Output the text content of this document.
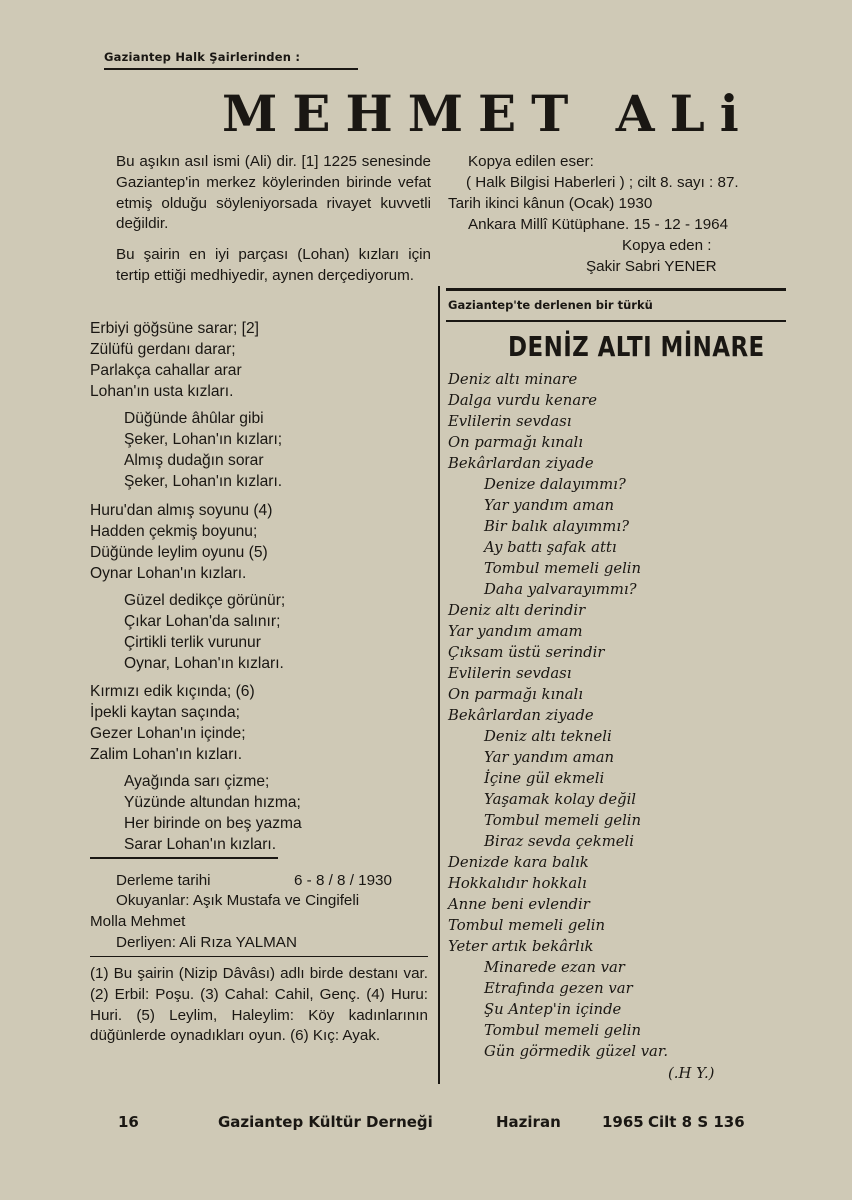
Gaziantep Halk Şairlerinden :
MEHMET ALi

Bu aşıkın asıl ismi (Ali) dir. [1] 1225 senesinde Gaziantep'in merkez köylerinden birinde vefat etmiş olduğu söyleniyorsada rivayet kuvvetli değildir.

Bu şairin en iyi parçası (Lohan) kızları için tertip ettiği medhiyedir, aynen derçediyorum.

Erbiyi göğsüne sarar; [2]
Zülüfü gerdanı darar;
Parlakça cahallar arar
Lohan'ın usta kızları.
Düğünde âhûlar gibi
Şeker, Lohan'ın kızları;
Almış dudağın sorar
Şeker, Lohan'ın kızları.
Huru'dan almış soyunu (4)
Hadden çekmiş boyunu;
Düğünde leylim oyunu (5)
Oynar Lohan'ın kızları.
Güzel dedikçe görünür;
Çıkar Lohan'da salınır;
Çirtikli terlik vurunur
Oynar, Lohan'ın kızları.
Kırmızı edik kıçında; (6)
İpekli kaytan saçında;
Gezer Lohan'ın içinde;
Zalim Lohan'ın kızları.
Ayağında sarı çizme;
Yüzünde altundan hızma;
Her birinde on beş yazma
Sarar Lohan'ın kızları.
Derleme tarihi	6 - 8 / 8 / 1930
Okuyanlar: Aşık Mustafa ve Cingifeli
Molla Mehmet
Derliyen: Ali Rıza YALMAN
(1) Bu şairin (Nizip Dâvâsı) adlı birde destanı var. (2) Erbil: Poşu. (3) Cahal: Cahil, Genç. (4) Huru: Huri. (5) Leylim, Haleylim: Köy kadınlarının düğünlerde oynadıkları oyun. (6) Kıç: Ayak.
Kopya edilen eser:
( Halk Bilgisi Haberleri ) ; cilt 8. sayı : 87.
Tarih ikinci kânun (Ocak) 1930
Ankara Millî Kütüphane. 15 - 12 - 1964
Kopya eden :
Şakir Sabri YENER
Gaziantep'te derlenen bir türkü
DENİZ ALTI MİNARE
Deniz altı minare
Dalga vurdu kenare
Evlilerin sevdası
On parmağı kınalı
Bekârlardan ziyade
Denize dalayımmı?
Yar yandım aman
Bir balık alayımmı?
Ay battı şafak attı
Tombul memeli gelin
Daha yalvarayımmı?
Deniz altı derindir
Yar yandım amam
Çıksam üstü serindir
Evlilerin sevdası
On parmağı kınalı
Bekârlardan ziyade
Deniz altı tekneli
Yar yandım aman
İçine gül ekmeli
Yaşamak kolay değil
Tombul memeli gelin
Biraz sevda çekmeli
Denizde kara balık
Hokkalıdır hokkalı
Anne beni evlendir
Tombul memeli gelin
Yeter artık bekârlık
Minarede ezan var
Etrafında gezen var
Şu Antep'in içinde
Tombul memeli gelin
Gün görmedik güzel var.
(.H Y.)
16	Gaziantep Kültür Derneği	Haziran	1965 Cilt 8 S 136
